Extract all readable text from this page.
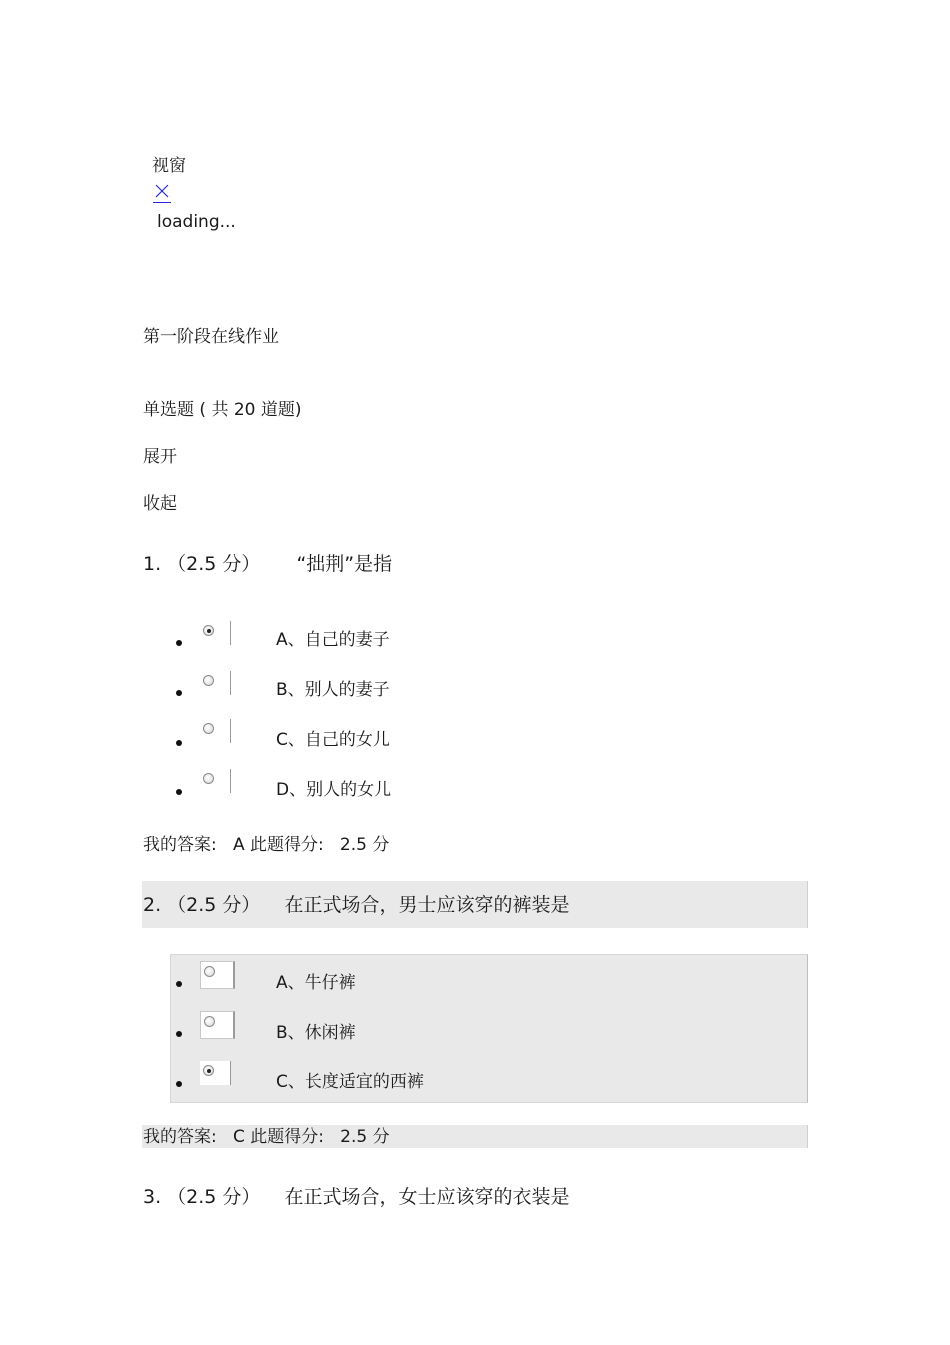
视窗
loading...
第一阶段在线作业
单选题 ( 共 20 道题)
展开
收起
1. （2.5 分） “拙荆”是指
A、自己的妻子
B、别人的妻子
C、自己的女儿
D、别人的女儿
我的答案:   A 此题得分:   2.5 分
2. （2.5 分） 在正式场合，男士应该穿的裤装是
A、牛仔裤
B、休闲裤
C、长度适宜的西裤
我的答案:   C 此题得分:   2.5 分
3. （2.5 分） 在正式场合，女士应该穿的衣装是
